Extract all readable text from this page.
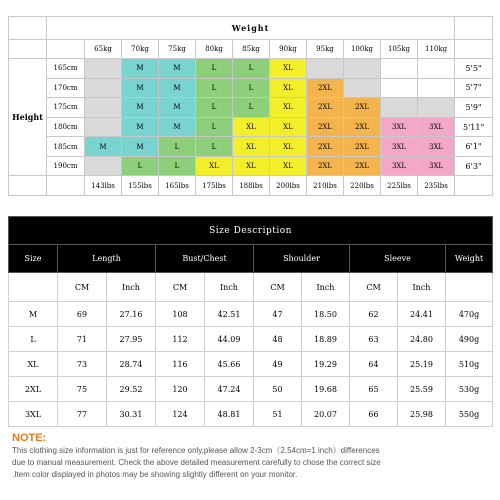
	Weight											
		65kg	70kg	75kg	80kg	85kg	90kg	95kg	100kg	105kg	110kg	
Height	165cm		M	M	L	L	XL					5'5"
	170cm		M	M	L	L	XL	2XL				5'7"
	175cm		M	M	L	L	XL	2XL	2XL			5'9"
	180cm		M	M	L	XL	XL	2XL	2XL	3XL	3XL	5'11"
	185cm	M	M	L	L	XL	XL	2XL	2XL	3XL	3XL	6'1"
	190cm		L	L	XL	XL	XL	2XL	2XL	3XL	3XL	6'3"
		143lbs	155lbs	165lbs	175lbs	188lbs	200lbs	210lbs	220lbs	225lbs	235lbs	
Size Description									
Size	Length		Bust/Chest		Shoulder		Sleeve		Weight
	CM	Inch	CM	Inch	CM	Inch	CM	Inch	
M	69	27.16	108	42.51	47	18.50	62	24.41	470g
L	71	27.95	112	44.09	48	18.89	63	24.80	490g
XL	73	28.74	116	45.66	49	19.29	64	25.19	510g
2XL	75	29.52	120	47.24	50	19.68	65	25.59	530g
3XL	77	30.31	124	48.81	51	20.07	66	25.98	550g
NOTE:
This clothing size information is just for reference only,please allow 2-3cm（2.54cm=1 inch）differences
due to manual measurement. Check the above detailed measurement carefully to chose the correct size
.Item color displayed in photos may be showing slightly different on your monitor.
